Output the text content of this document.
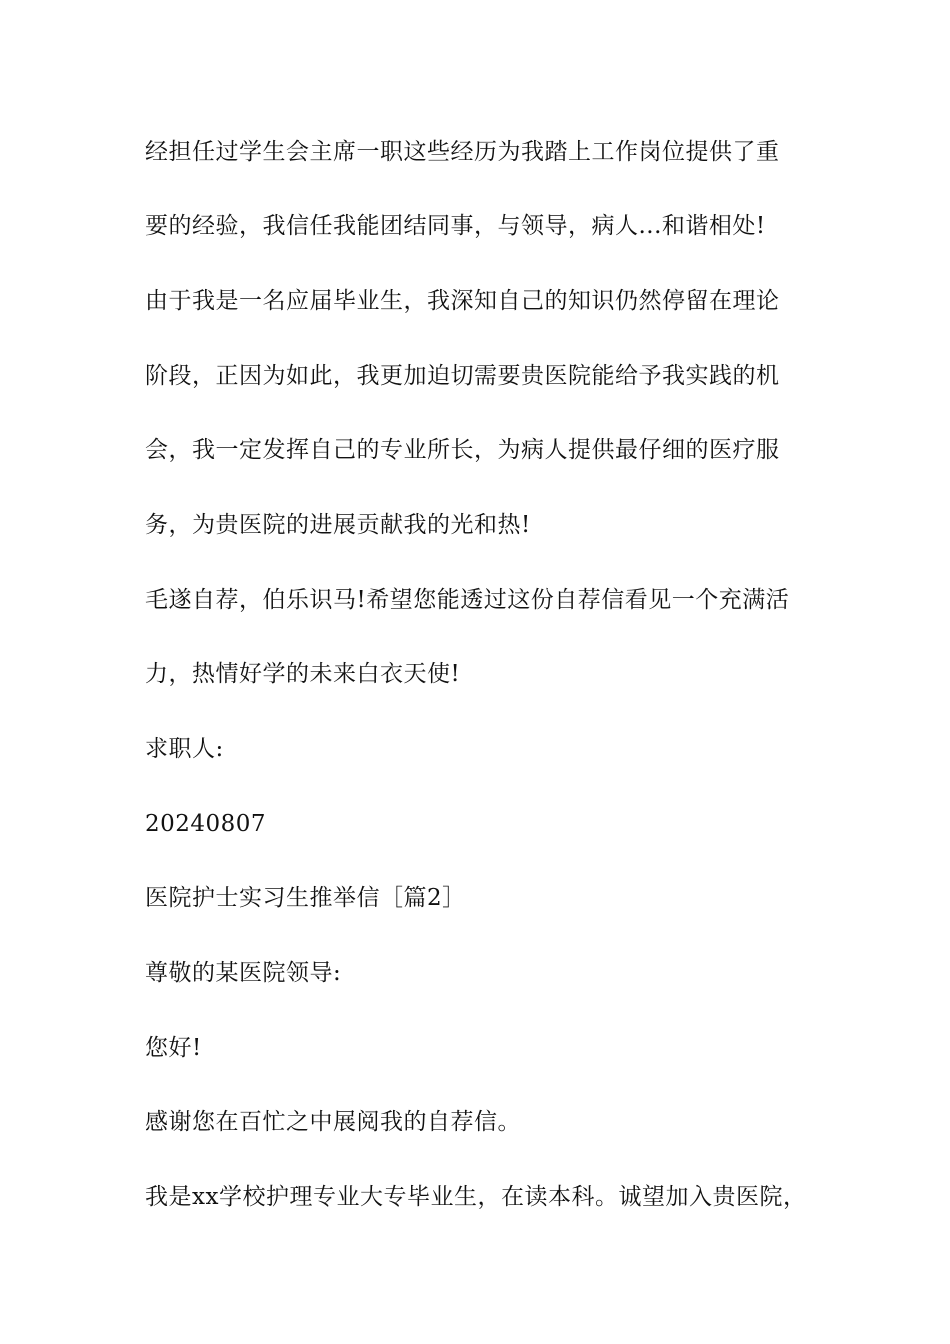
经担任过学生会主席一职这些经历为我踏上工作岗位提供了重

要的经验，我信任我能团结同事，与领导，病人...和谐相处!

由于我是一名应届毕业生，我深知自己的知识仍然停留在理论

阶段，正因为如此，我更加迫切需要贵医院能给予我实践的机

会，我一定发挥自己的专业所长，为病人提供最仔细的医疗服

务，为贵医院的进展贡献我的光和热!

毛遂自荐，伯乐识马!希望您能透过这份自荐信看见一个充满活

力，热情好学的未来白衣天使!

求职人:

20240807

医院护士实习生推举信［篇2］

尊敬的某医院领导:

您好!

感谢您在百忙之中展阅我的自荐信。

我是xx学校护理专业大专毕业生，在读本科。诚望加入贵医院，
